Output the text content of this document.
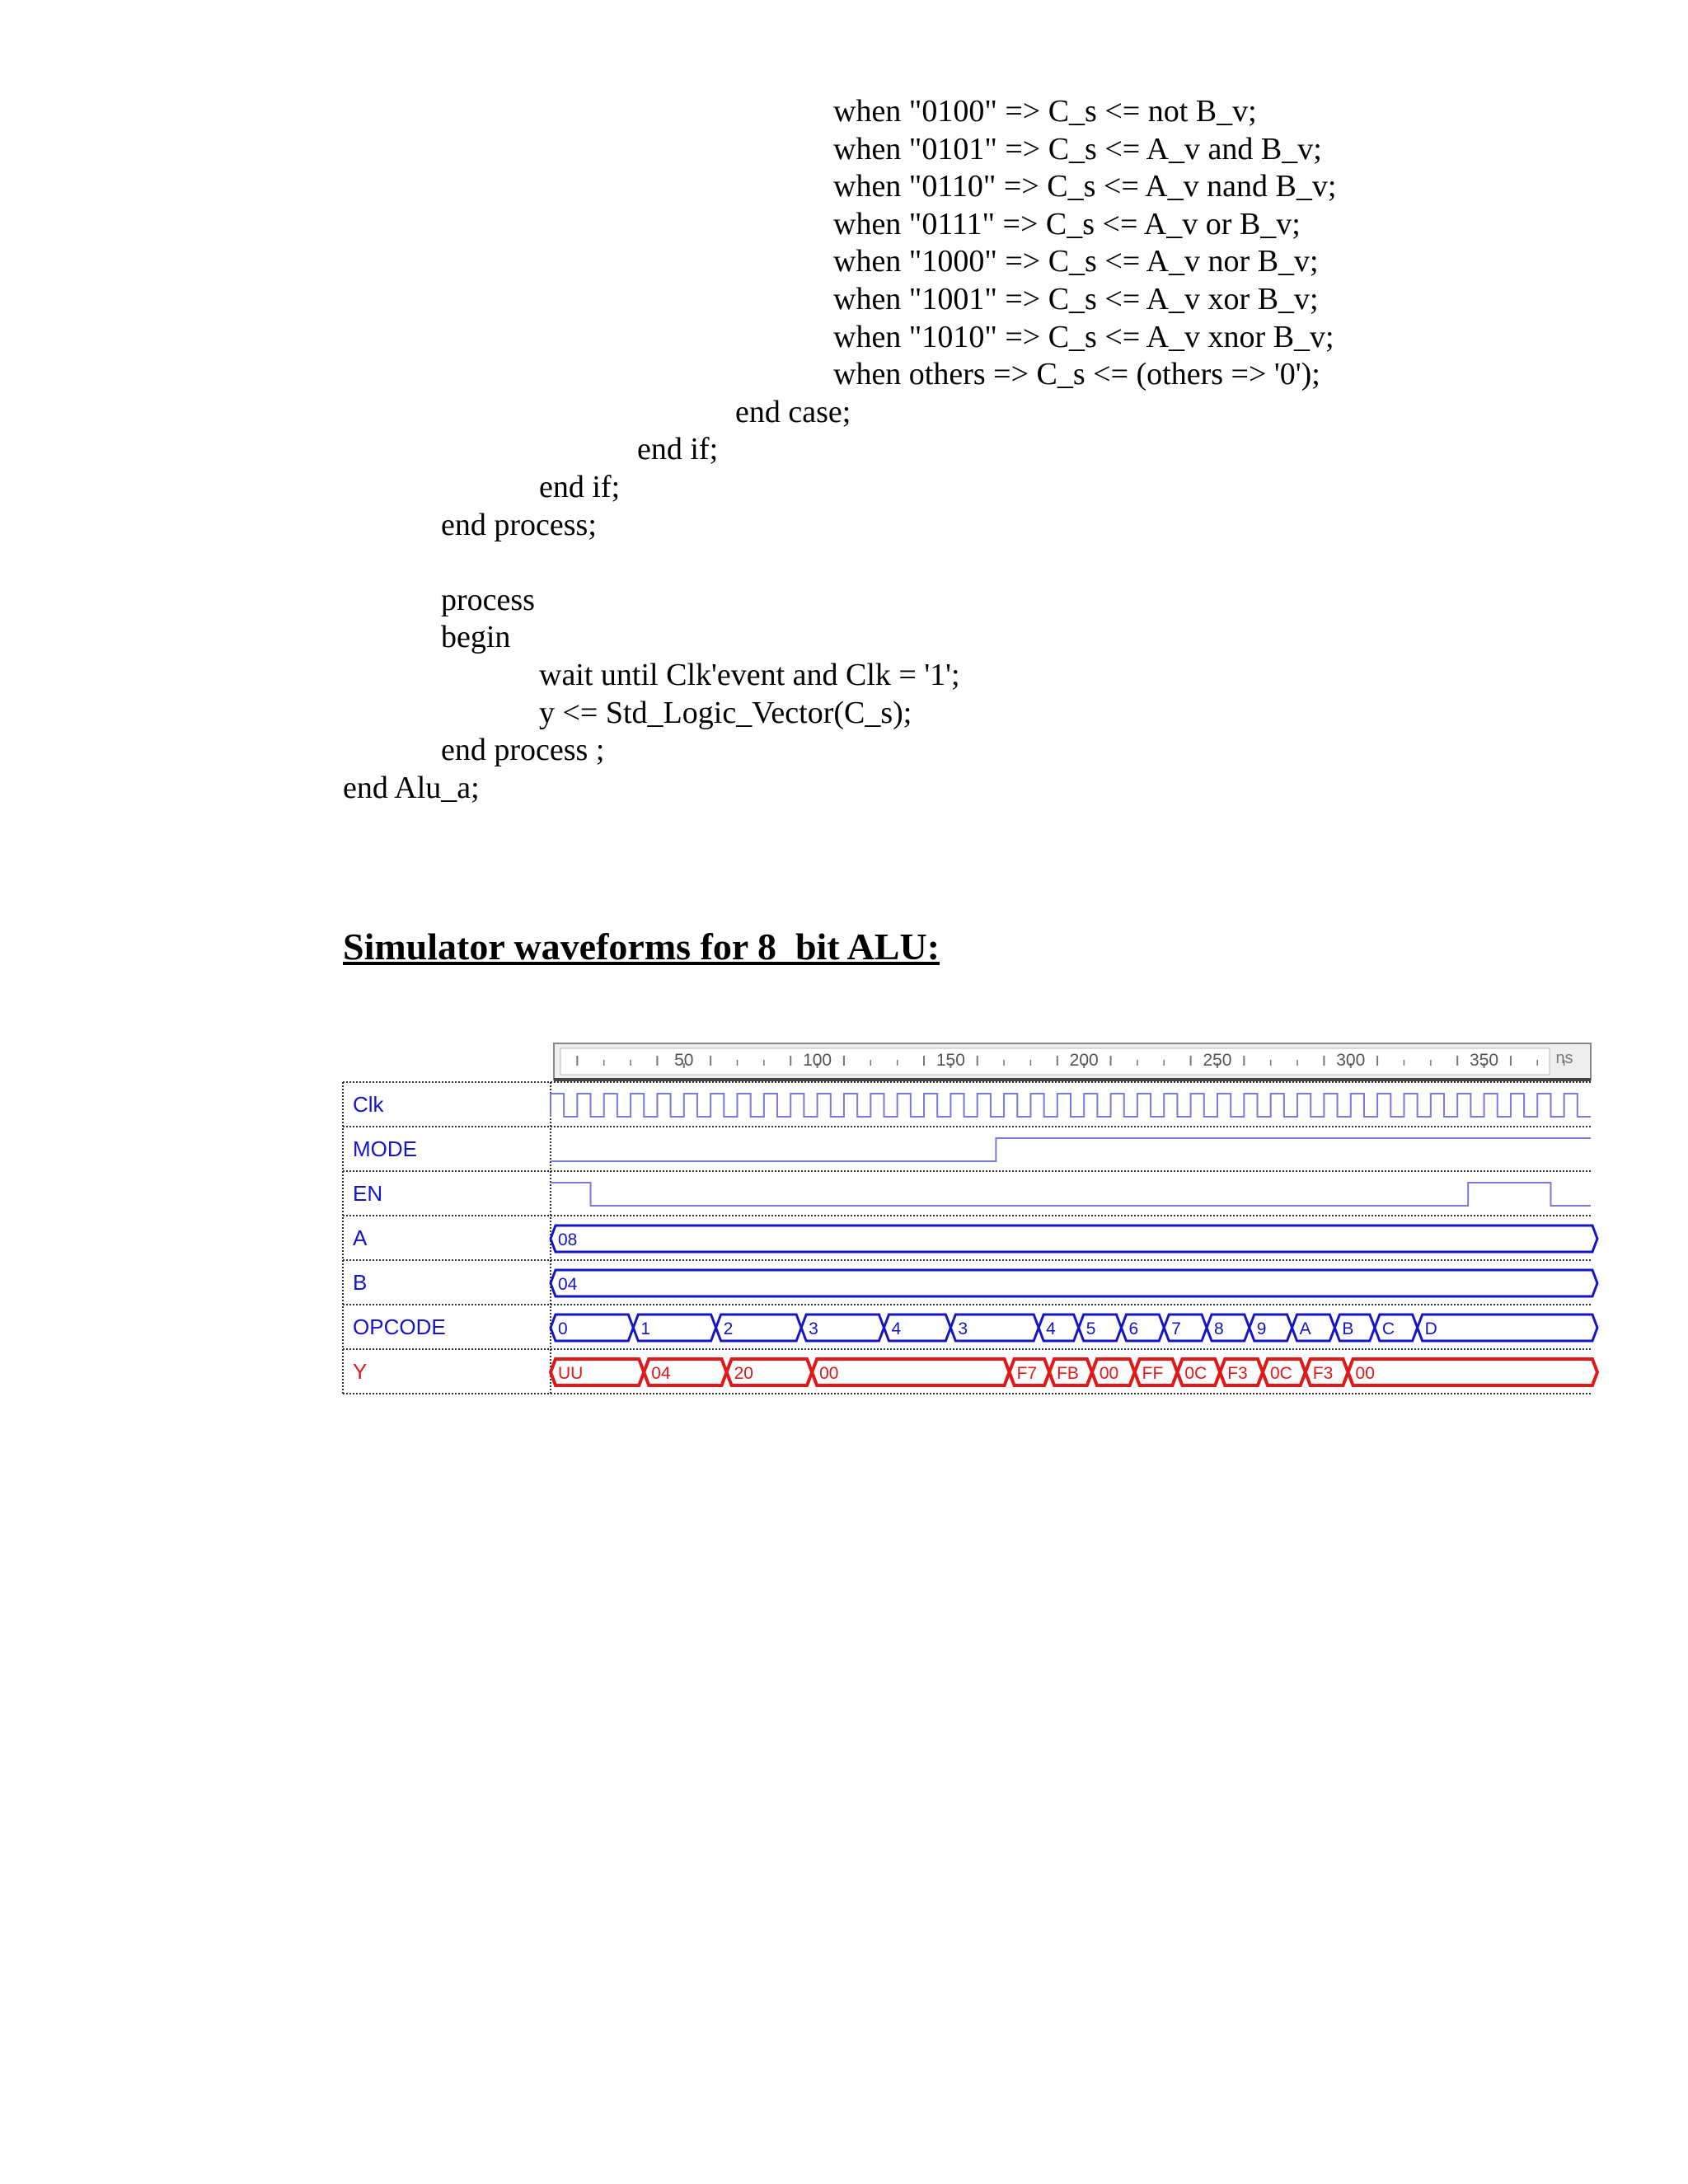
when "0100" => C_s <= not B_v;
when "0101" => C_s <= A_v and B_v;
when "0110" => C_s <= A_v nand B_v;
when "0111" => C_s <= A_v or B_v;
when "1000" => C_s <= A_v nor B_v;
when "1001" => C_s <= A_v xor B_v;
when "1010" => C_s <= A_v xnor B_v;
when others => C_s <= (others => '0');
end case;
end if;
end if;
end process;
process
begin
wait until Clk'event and Clk = '1';
y <= Std_Logic_Vector(C_s);
end process ;
end Alu_a;
Simulator waveforms for 8_bit ALU:
50	100	150	200	250	300	350	ns
Clk
MODE
EN
A	08
B	04
OPCODE	0	1	2	3	4	3	4 5 6 7 8 9 A B C D
Y	UU	04	20	00	F7 FB 00 FF 0C F3 0C F3 00
